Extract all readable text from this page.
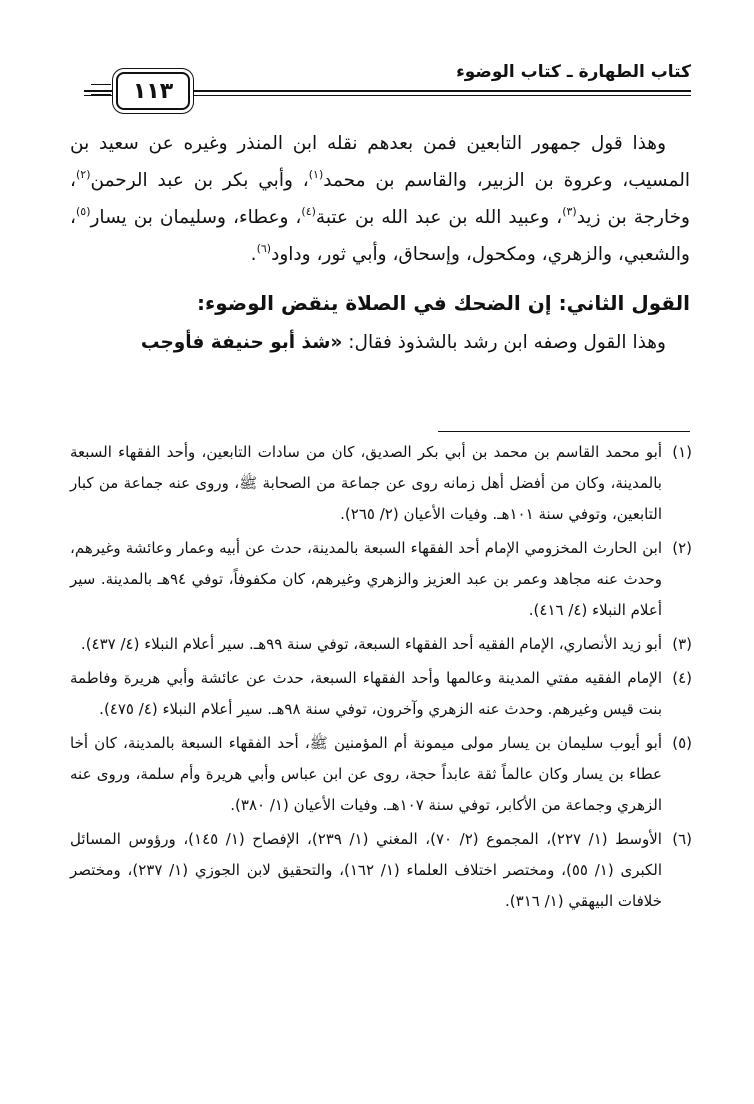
كتاب الطهارة ـ كتاب الوضوء
١١٣

وهذا قول جمهور التابعين فمن بعدهم نقله ابن المنذر وغيره عن سعيد بن المسيب، وعروة بن الزبير، والقاسم بن محمد$^{(١)}$، وأبي بكر بن عبد الرحمن$^{(٢)}$، وخارجة بن زيد$^{(٣)}$، وعبيد الله بن عبد الله بن عتبة$^{(٤)}$، وعطاء، وسليمان بن يسار$^{(٥)}$، والشعبي، والزهري، ومكحول، وإسحاق، وأبي ثور، وداود$^{(٦)}$.

القول الثاني: إن الضحك في الصلاة ينقض الوضوء:

وهذا القول وصفه ابن رشد بالشذوذ فقال: «شذ أبو حنيفة فأوجب

(١)
أبو محمد القاسم بن محمد بن أبي بكر الصديق، كان من سادات التابعين، وأحد الفقهاء السبعة بالمدينة، وكان من أفضل أهل زمانه روى عن جماعة من الصحابة ﷺ، وروى عنه جماعة من كبار التابعين، وتوفي سنة ١٠١هـ. وفيات الأعيان (٢/ ٢٦٥).
(٢)
ابن الحارث المخزومي الإمام أحد الفقهاء السبعة بالمدينة، حدث عن أبيه وعمار وعائشة وغيرهم، وحدث عنه مجاهد وعمر بن عبد العزيز والزهري وغيرهم، كان مكفوفاً، توفي ٩٤هـ بالمدينة. سير أعلام النبلاء (٤/ ٤١٦).
(٣)
أبو زيد الأنصاري، الإمام الفقيه أحد الفقهاء السبعة، توفي سنة ٩٩هـ. سير أعلام النبلاء (٤/ ٤٣٧).
(٤)
الإمام الفقيه مفتي المدينة وعالمها وأحد الفقهاء السبعة، حدث عن عائشة وأبي هريرة وفاطمة بنت قيس وغيرهم. وحدث عنه الزهري وآخرون، توفي سنة ٩٨هـ. سير أعلام النبلاء (٤/ ٤٧٥).
(٥)
أبو أيوب سليمان بن يسار مولى ميمونة أم المؤمنين ﷺ، أحد الفقهاء السبعة بالمدينة، كان أخا عطاء بن يسار وكان عالماً ثقة عابداً حجة، روى عن ابن عباس وأبي هريرة وأم سلمة، وروى عنه الزهري وجماعة من الأكابر، توفي سنة ١٠٧هـ. وفيات الأعيان (١/ ٣٨٠).
(٦)
الأوسط (١/ ٢٢٧)، المجموع (٢/ ٧٠)، المغني (١/ ٢٣٩)، الإفصاح (١/ ١٤٥)، ورؤوس المسائل الكبرى (١/ ٥٥)، ومختصر اختلاف العلماء (١/ ١٦٢)، والتحقيق لابن الجوزي (١/ ٢٣٧)، ومختصر خلافات البيهقي (١/ ٣١٦).
